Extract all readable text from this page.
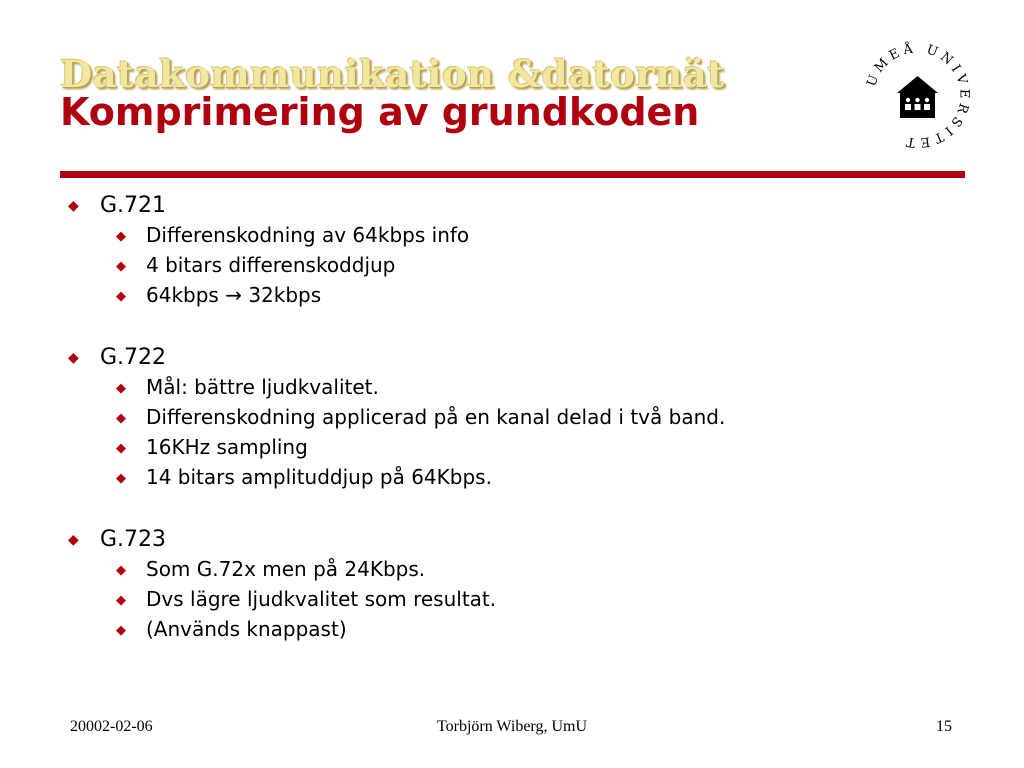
Datakommunikation &datornät
Komprimering av grundkoden
UMEÅ UNIVERSITET
◆ G.721
◆	Differenskodning av 64kbps info
◆	4 bitars differenskoddjup
◆	64kbps → 32kbps
◆ G.722
◆	Mål: bättre ljudkvalitet.
◆	Differenskodning applicerad på en kanal delad i två band.
◆	16KHz sampling
◆	14 bitars amplituddjup på 64Kbps.
◆ G.723
◆	Som G.72x men på 24Kbps.
◆	Dvs lägre ljudkvalitet som resultat.
◆	(Används knappast)
20002-02-06	Torbjörn Wiberg, UmU	15
